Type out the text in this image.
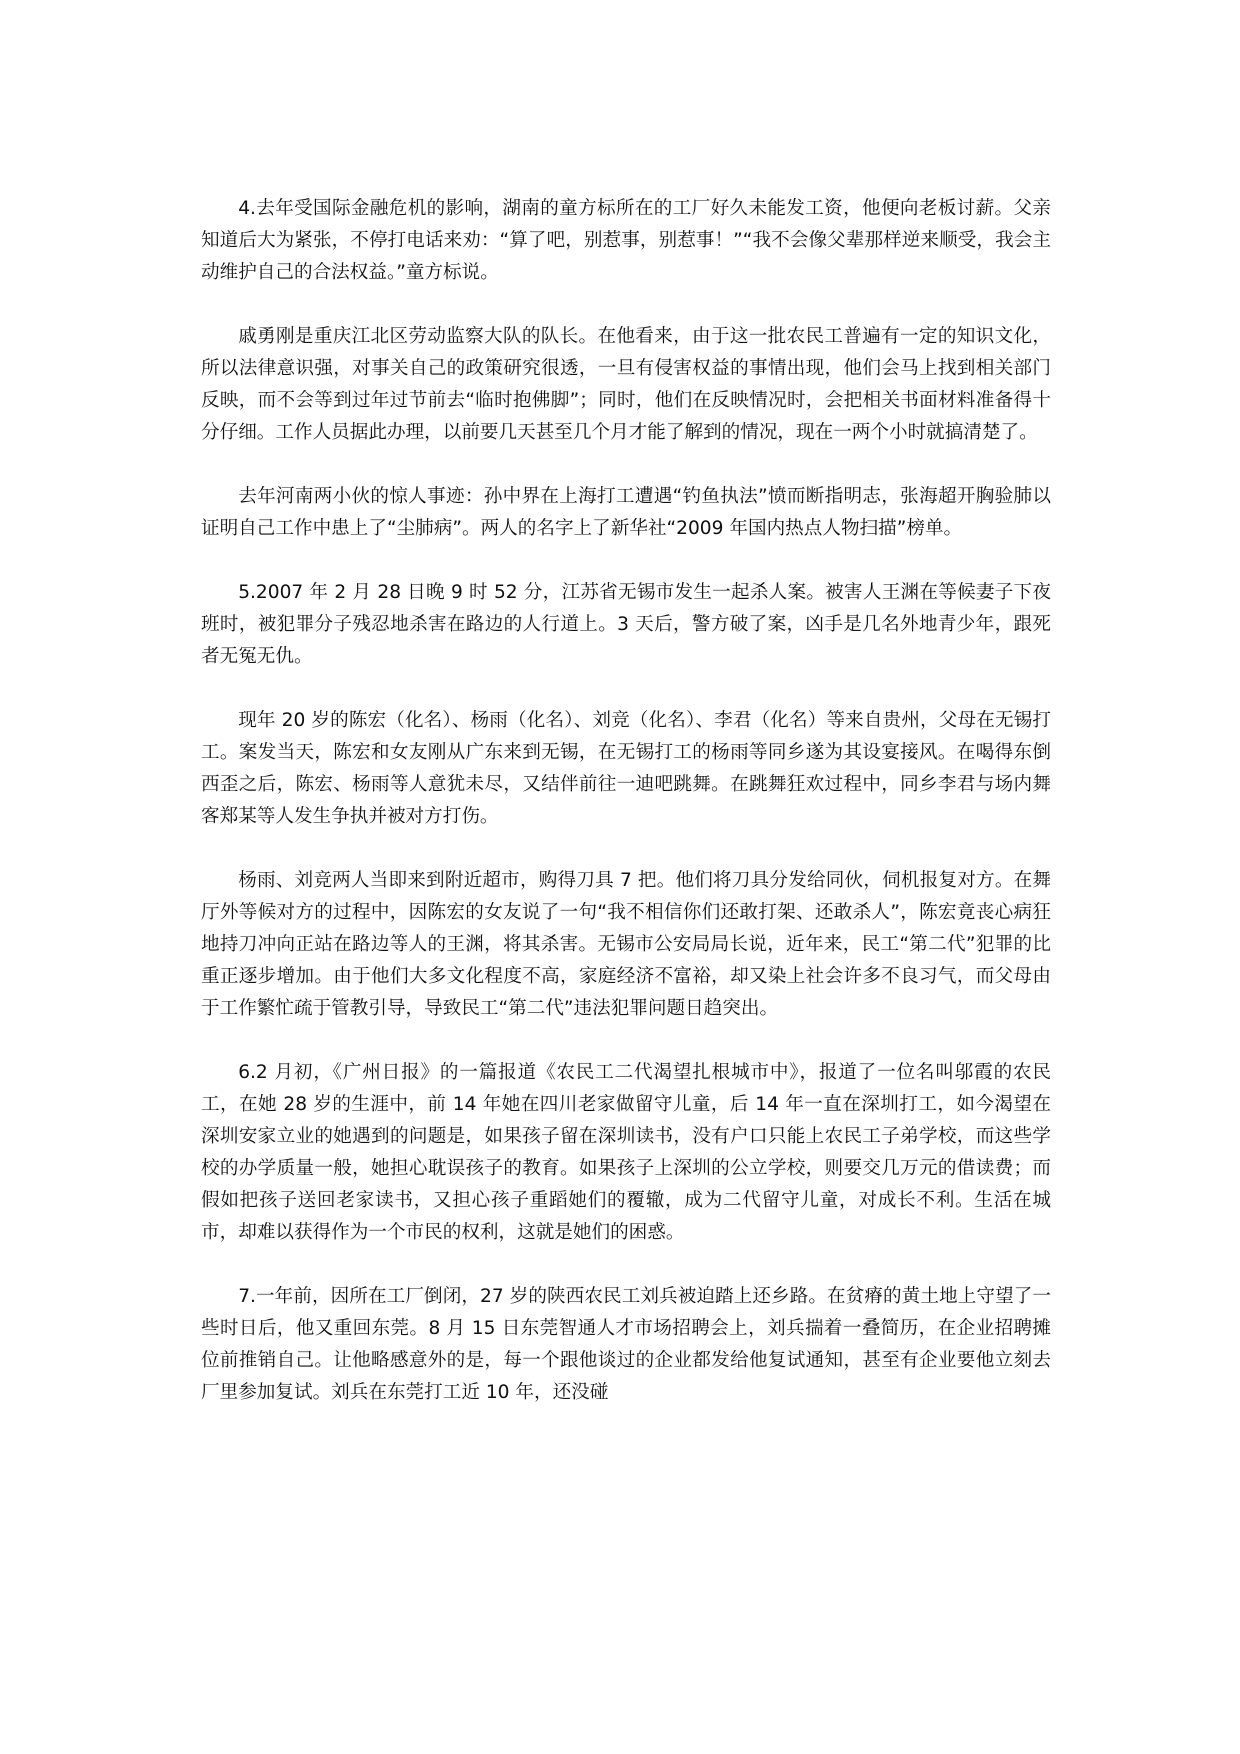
4.去年受国际金融危机的影响，湖南的童方标所在的工厂好久未能发工资，他便向老板讨薪。父亲知道后大为紧张，不停打电话来劝：“算了吧，别惹事，别惹事！”“我不会像父辈那样逆来顺受，我会主动维护自己的合法权益。”童方标说。

戚勇刚是重庆江北区劳动监察大队的队长。在他看来，由于这一批农民工普遍有一定的知识文化，所以法律意识强，对事关自己的政策研究很透，一旦有侵害权益的事情出现，他们会马上找到相关部门反映，而不会等到过年过节前去“临时抱佛脚”；同时，他们在反映情况时，会把相关书面材料准备得十分仔细。工作人员据此办理，以前要几天甚至几个月才能了解到的情况，现在一两个小时就搞清楚了。

去年河南两小伙的惊人事迹：孙中界在上海打工遭遇“钓鱼执法”愤而断指明志，张海超开胸验肺以证明自己工作中患上了“尘肺病”。两人的名字上了新华社“2009 年国内热点人物扫描”榜单。

5.2007 年 2 月 28 日晚 9 时 52 分，江苏省无锡市发生一起杀人案。被害人王渊在等候妻子下夜班时，被犯罪分子残忍地杀害在路边的人行道上。3 天后，警方破了案，凶手是几名外地青少年，跟死者无冤无仇。

现年 20 岁的陈宏（化名）、杨雨（化名）、刘竞（化名）、李君（化名）等来自贵州，父母在无锡打工。案发当天，陈宏和女友刚从广东来到无锡，在无锡打工的杨雨等同乡遂为其设宴接风。在喝得东倒西歪之后，陈宏、杨雨等人意犹未尽，又结伴前往一迪吧跳舞。在跳舞狂欢过程中，同乡李君与场内舞客郑某等人发生争执并被对方打伤。

杨雨、刘竞两人当即来到附近超市，购得刀具 7 把。他们将刀具分发给同伙，伺机报复对方。在舞厅外等候对方的过程中，因陈宏的女友说了一句“我不相信你们还敢打架、还敢杀人”，陈宏竟丧心病狂地持刀冲向正站在路边等人的王渊，将其杀害。无锡市公安局局长说，近年来，民工“第二代”犯罪的比重正逐步增加。由于他们大多文化程度不高，家庭经济不富裕，却又染上社会许多不良习气，而父母由于工作繁忙疏于管教引导，导致民工“第二代”违法犯罪问题日趋突出。

6.2 月初，《广州日报》的一篇报道《农民工二代渴望扎根城市中》，报道了一位名叫邬霞的农民工，在她 28 岁的生涯中，前 14 年她在四川老家做留守儿童，后 14 年一直在深圳打工，如今渴望在深圳安家立业的她遇到的问题是，如果孩子留在深圳读书，没有户口只能上农民工子弟学校，而这些学校的办学质量一般，她担心耽误孩子的教育。如果孩子上深圳的公立学校，则要交几万元的借读费；而假如把孩子送回老家读书，又担心孩子重蹈她们的覆辙，成为二代留守儿童，对成长不利。生活在城市，却难以获得作为一个市民的权利，这就是她们的困惑。

7.一年前，因所在工厂倒闭，27 岁的陕西农民工刘兵被迫踏上还乡路。在贫瘠的黄土地上守望了一些时日后，他又重回东莞。8 月 15 日东莞智通人才市场招聘会上，刘兵揣着一叠简历，在企业招聘摊位前推销自己。让他略感意外的是，每一个跟他谈过的企业都发给他复试通知，甚至有企业要他立刻去厂里参加复试。刘兵在东莞打工近 10 年，还没碰
